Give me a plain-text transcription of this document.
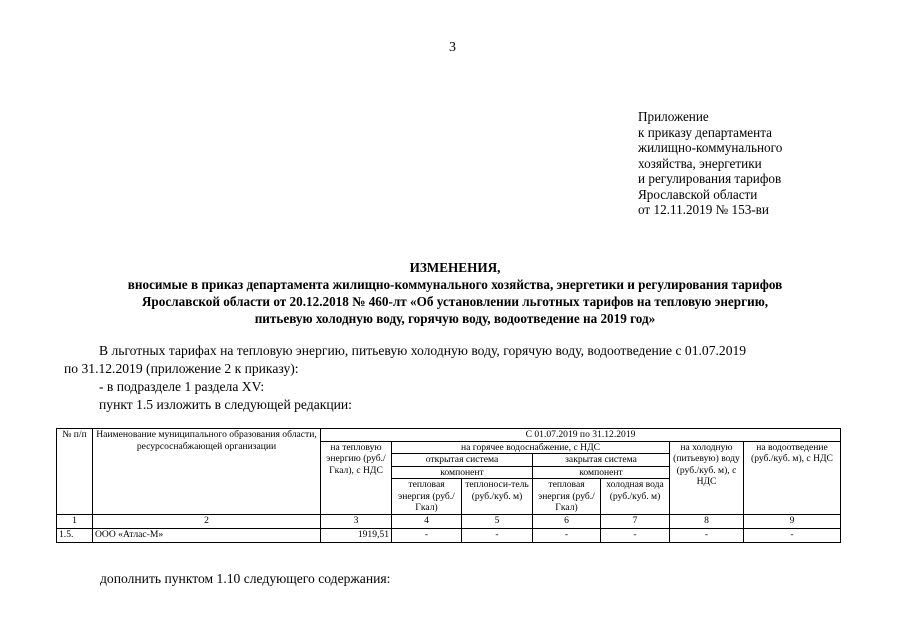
3
Приложение
к приказу департамента
жилищно-коммунального
хозяйства, энергетики
и регулирования тарифов
Ярославской области
от 12.11.2019 № 153-ви
ИЗМЕНЕНИЯ,
вносимые в приказ департамента жилищно-коммунального хозяйства, энергетики и регулирования тарифов
Ярославской области от 20.12.2018 № 460-лт «Об установлении льготных тарифов на тепловую энергию,
питьевую холодную воду, горячую воду, водоотведение на 2019 год»
В льготных тарифах на тепловую энергию, питьевую холодную воду, горячую воду, водоотведение с 01.07.2019
по 31.12.2019 (приложение 2 к приказу):
- в подразделе 1 раздела XV:
пункт 1.5 изложить в следующей редакции:
№ п/п	Наименование муниципального образования области, ресурсоснабжающей организации	С 01.07.2019 по 31.12.2019						
		на тепловую энергию (руб./Гкал), с НДС	на горячее водоснабжение, с НДС				на холодную (питьевую) воду (руб./куб. м), с НДС	на водоотведение (руб./куб. м), с НДС
			открытая система		закрытая система			
			компонент		компонент			
			тепловая энергия (руб./Гкал)	теплоноси-тель (руб./куб. м)	тепловая энергия (руб./Гкал)	холодная вода (руб./куб. м)		
1	2	3	4	5	6	7	8	9
1.5.	ООО «Атлас-М»	1919,51	-	-	-	-	-	-
дополнить пунктом 1.10 следующего содержания:
